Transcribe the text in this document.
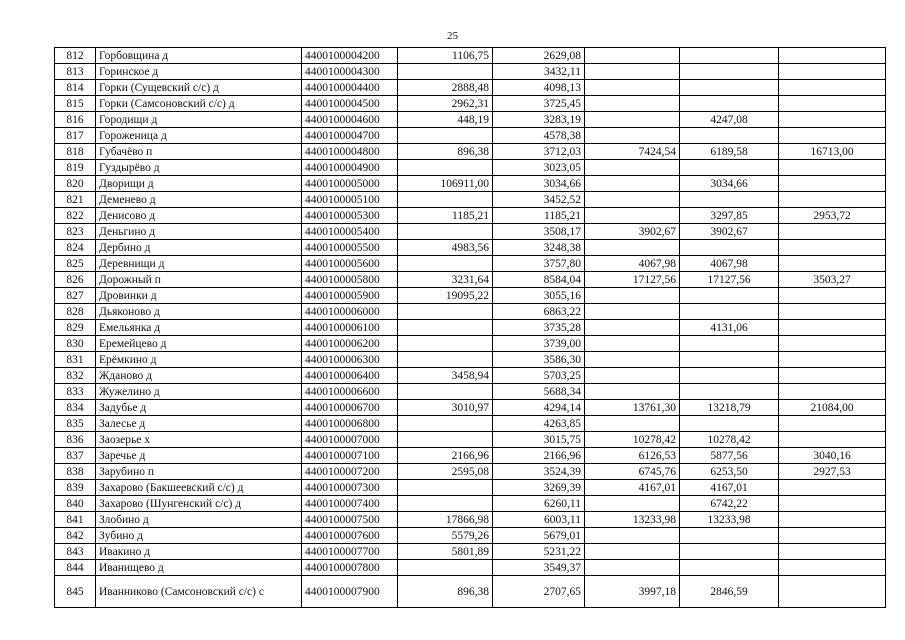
25
812	Горбовщина д	4400100004200	1106,75	2629,08			
813	Горинское д	4400100004300		3432,11			
814	Горки (Сущевский с/с) д	4400100004400	2888,48	4098,13			
815	Горки (Самсоновский с/с) д	4400100004500	2962,31	3725,45			
816	Городищи д	4400100004600	448,19	3283,19		4247,08	
817	Гороженица д	4400100004700		4578,38			
818	Губачёво п	4400100004800	896,38	3712,03	7424,54	6189,58	16713,00
819	Гуздырёво д	4400100004900		3023,05			
820	Дворищи д	4400100005000	106911,00	3034,66		3034,66	
821	Деменево д	4400100005100		3452,52			
822	Денисово д	4400100005300	1185,21	1185,21		3297,85	2953,72
823	Деньгино д	4400100005400		3508,17	3902,67	3902,67	
824	Дербино д	4400100005500	4983,56	3248,38			
825	Деревнищи д	4400100005600		3757,80	4067,98	4067,98	
826	Дорожный п	4400100005800	3231,64	8584,04	17127,56	17127,56	3503,27
827	Дровинки д	4400100005900	19095,22	3055,16			
828	Дьяконово д	4400100006000		6863,22			
829	Емельянка д	4400100006100		3735,28		4131,06	
830	Еремейцево д	4400100006200		3739,00			
831	Ерёмкино д	4400100006300		3586,30			
832	Жданово д	4400100006400	3458,94	5703,25			
833	Жужелино д	4400100006600		5688,34			
834	Задубье д	4400100006700	3010,97	4294,14	13761,30	13218,79	21084,00
835	Залесье д	4400100006800		4263,85			
836	Заозерье х	4400100007000		3015,75	10278,42	10278,42	
837	Заречье д	4400100007100	2166,96	2166,96	6126,53	5877,56	3040,16
838	Зарубино п	4400100007200	2595,08	3524,39	6745,76	6253,50	2927,53
839	Захарово (Бакшеевский с/с) д	4400100007300		3269,39	4167,01	4167,01	
840	Захарово (Шунгенский с/с) д	4400100007400		6260,11		6742,22	
841	Злобино д	4400100007500	17866,98	6003,11	13233,98	13233,98	
842	Зубино д	4400100007600	5579,26	5679,01			
843	Ивакино д	4400100007700	5801,89	5231,22			
844	Иванищево д	4400100007800		3549,37			
845	Иванниково (Самсоновский с/с) с	4400100007900	896,38	2707,65	3997,18	2846,59	
